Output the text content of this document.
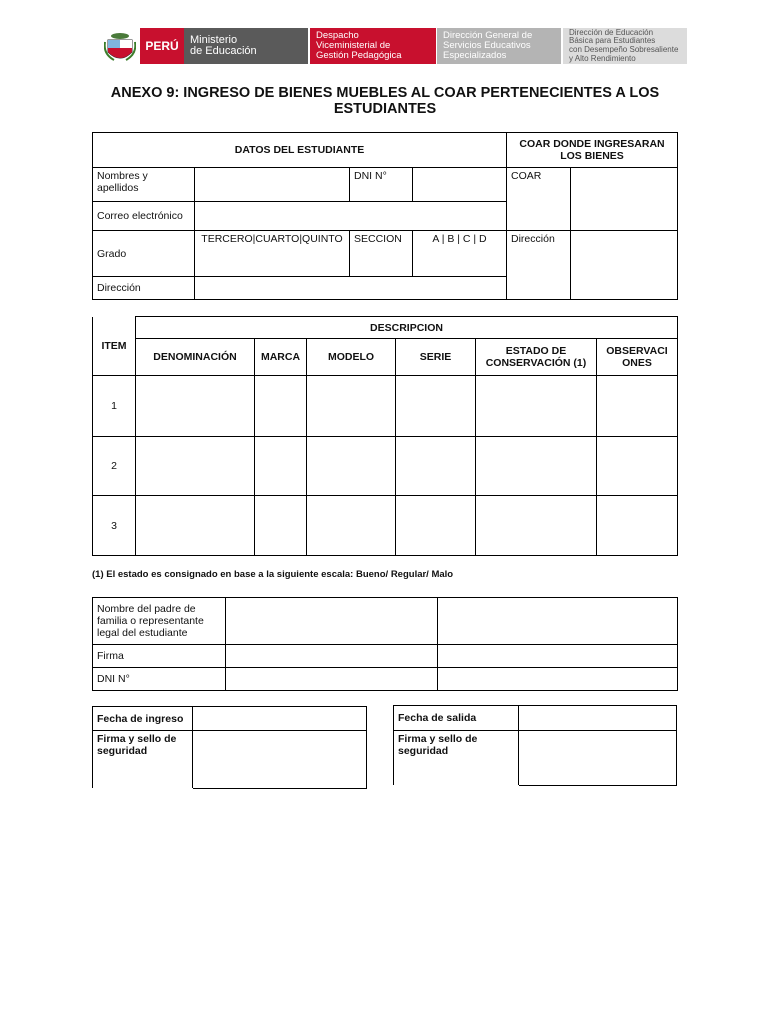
PERÚ Ministerio
de Educación
Despacho
Viceministerial de
Gestión Pedagógica
Dirección General de
Servicios Educativos
Especializados
Dirección de Educación
Básica para Estudiantes
con Desempeño Sobresaliente
y Alto Rendimiento
ANEXO 9: INGRESO DE BIENES MUEBLES AL COAR PERTENECIENTES A LOS
ESTUDIANTES
DATOS DEL ESTUDIANTE				COAR DONDE INGRESARAN LOS BIENES	
Nombres y apellidos		DNI N°		COAR	
Correo electrónico					
Grado	TERCERO|CUARTO|QUINTO	SECCION	A | B | C | D	Dirección	
Dirección					
ITEM	DESCRIPCION					
	DENOMINACIÓN	MARCA	MODELO	SERIE	ESTADO DE CONSERVACIÓN (1)	OBSERVACI ONES
1						
2						
3						
(1) El estado es consignado en base a la siguiente escala: Bueno/ Regular/ Malo
Nombre del padre de familia o representante legal del estudiante		
Firma		
DNI N°		
Fecha de ingreso	
Firma y sello de seguridad	
Fecha de salida	
Firma y sello de seguridad	
